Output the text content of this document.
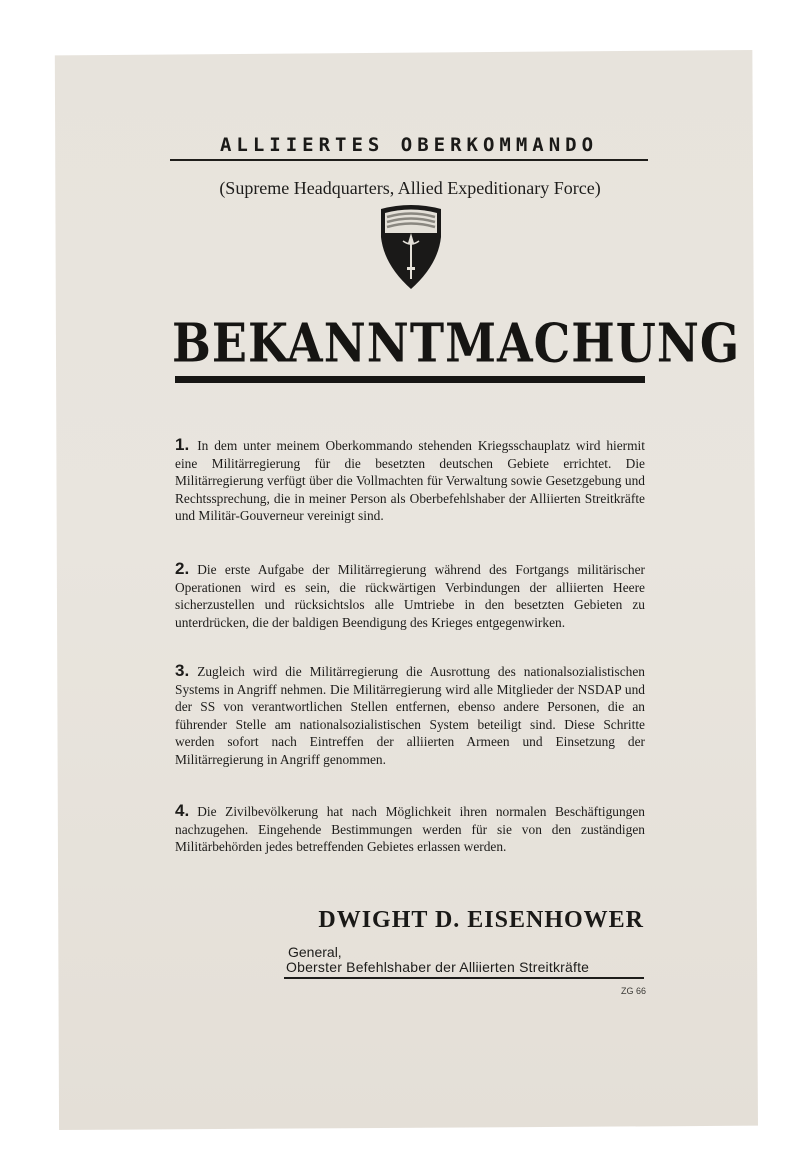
ALLIIERTES OBERKOMMANDO
(Supreme Headquarters, Allied Expeditionary Force)
BEKANNTMACHUNG
1. In dem unter meinem Oberkommando stehenden Kriegsschauplatz wird hiermit eine Militärregierung für die besetzten deutschen Gebiete errichtet. Die Militärregierung verfügt über die Vollmachten für Verwaltung sowie Gesetzgebung und Rechtssprechung, die in meiner Person als Oberbefehlshaber der Alliierten Streitkräfte und Militär-Gouverneur vereinigt sind.
2. Die erste Aufgabe der Militärregierung während des Fortgangs militärischer Operationen wird es sein, die rückwärtigen Verbindungen der alliierten Heere sicherzustellen und rücksichtslos alle Umtriebe in den besetzten Gebieten zu unterdrücken, die der baldigen Beendigung des Krieges entgegenwirken.
3. Zugleich wird die Militärregierung die Ausrottung des nationalsozialistischen Systems in Angriff nehmen. Die Militärregierung wird alle Mitglieder der NSDAP und der SS von verantwortlichen Stellen entfernen, ebenso andere Personen, die an führender Stelle am nationalsozialistischen System beteiligt sind. Diese Schritte werden sofort nach Eintreffen der alliierten Armeen und Einsetzung der Militärregierung in Angriff genommen.
4. Die Zivilbevölkerung hat nach Möglichkeit ihren normalen Beschäftigungen nachzugehen. Eingehende Bestimmungen werden für sie von den zuständigen Militärbehörden jedes betreffenden Gebietes erlassen werden.
DWIGHT D. EISENHOWER
General,
Oberster Befehlshaber der Alliierten Streitkräfte
ZG 66
